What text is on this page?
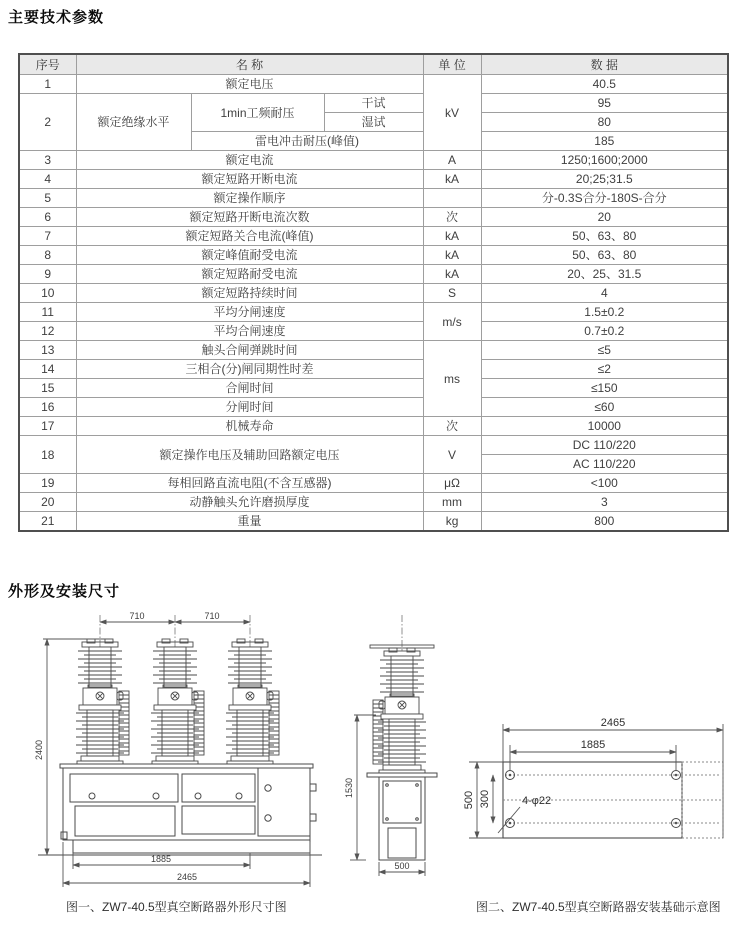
主要技术参数
序号	名 称			单 位	数 据
1	额定电压			kV	40.5
2	额定绝缘水平	1min工频耐压	干试		95
			湿试		80
		雷电冲击耐压(峰值)			185
3	额定电流			A	1250;1600;2000
4	额定短路开断电流			kA	20;25;31.5
5	额定操作顺序				分-0.3S合分-180S-合分
6	额定短路开断电流次数			次	20
7	额定短路关合电流(峰值)			kA	50、63、80
8	额定峰值耐受电流			kA	50、63、80
9	额定短路耐受电流			kA	20、25、31.5
10	额定短路持续时间			S	4
11	平均分闸速度			m/s	1.5±0.2
12	平均合闸速度				0.7±0.2
13	触头合闸弹跳时间			ms	≤5
14	三相合(分)闸同期性时差				≤2
15	合闸时间				≤150
16	分闸时间				≤60
17	机械寿命			次	10000
18	额定操作电压及辅助回路额定电压			V	DC 110/220
					AC 110/220
19	每相回路直流电阻(不含互感器)			μΩ	<100
20	动静触头允许磨损厚度			mm	3
21	重量			kg	800
外形及安装尺寸
710	710
2400
1885
2465
1530
500
2465
1885
500 300	4-φ22
图一、ZW7-40.5型真空断路器外形尺寸图	图二、ZW7-40.5型真空断路器安装基础示意图
